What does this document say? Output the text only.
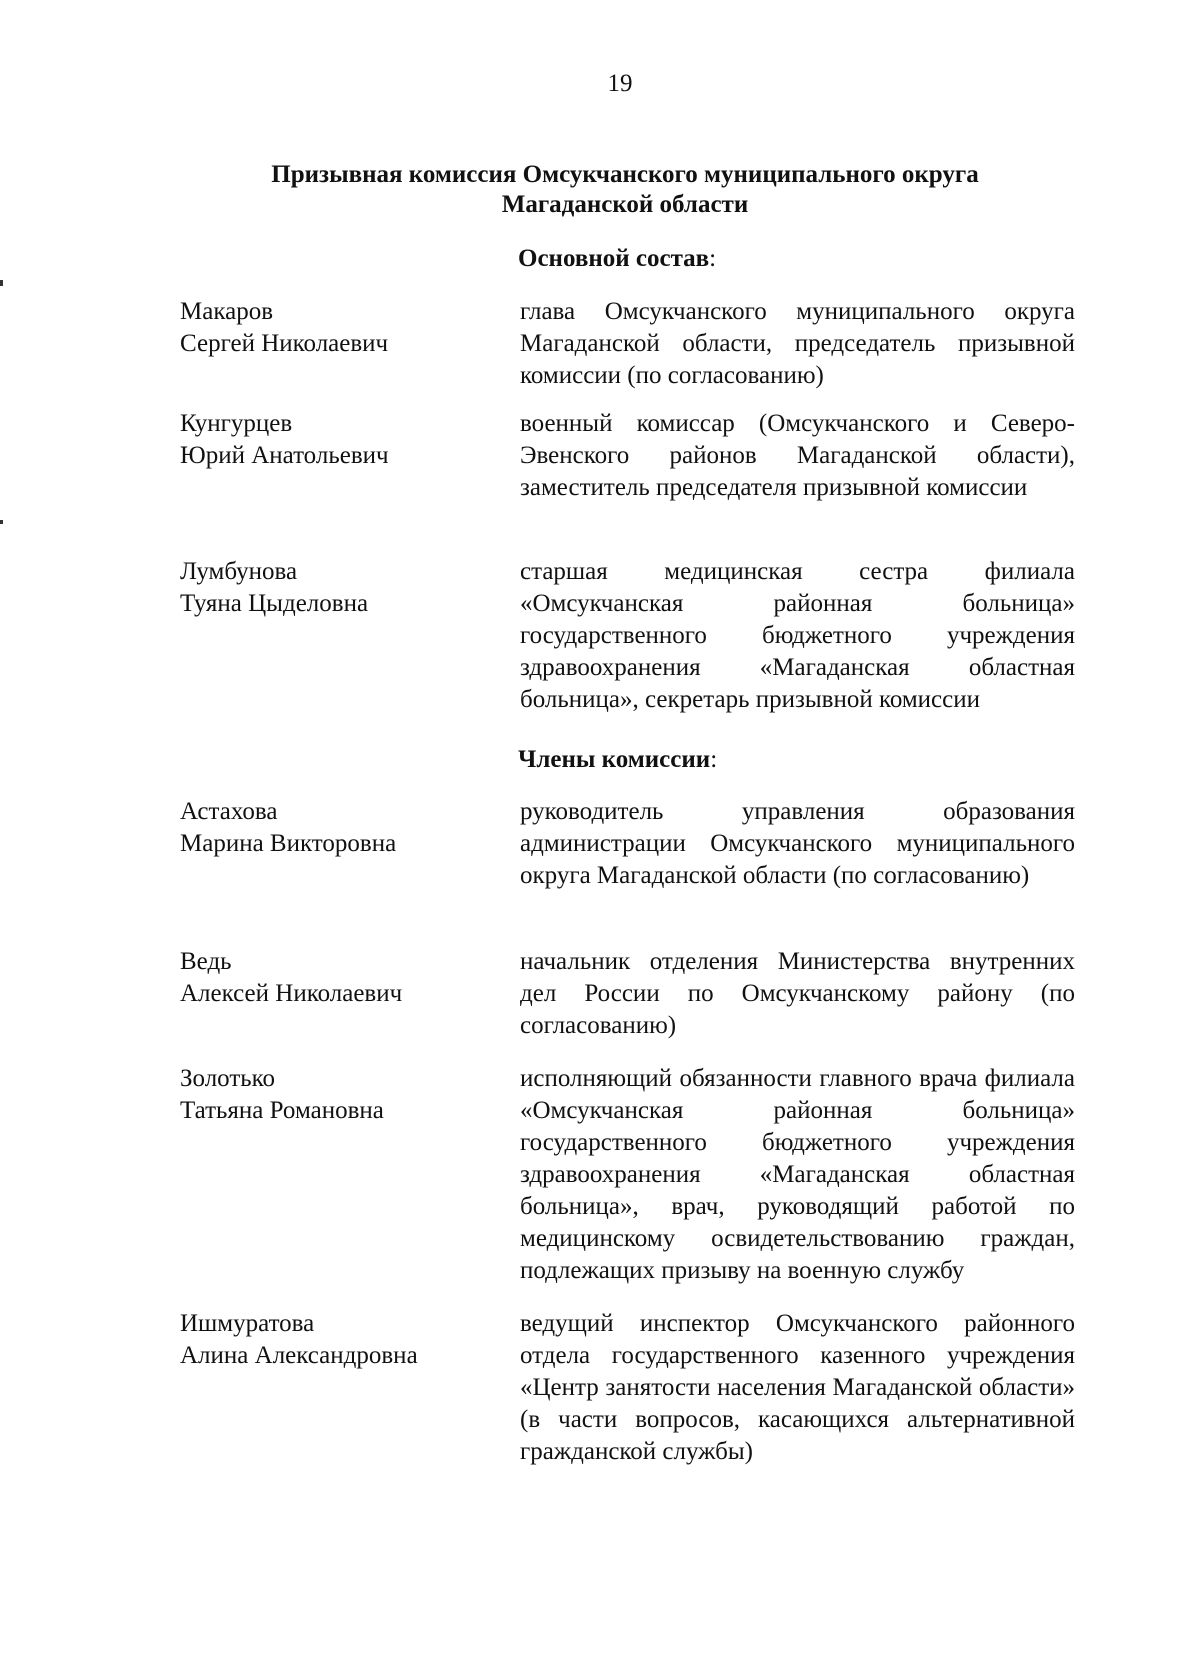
19
Призывная комиссия Омсукчанского муниципального округа
Магаданской области
Основной состав:
Макаров
Сергей Николаевич
глава Омсукчанского муниципального округа Магаданской области, председатель призывной комиссии (по согласованию)
Кунгурцев
Юрий Анатольевич
военный комиссар (Омсукчанского и Северо-Эвенского районов Магаданской области), заместитель председателя призывной комиссии
Лумбунова
Туяна Цыделовна
старшая медицинская сестра филиала «Омсукчанская районная больница» государственного бюджетного учреждения здравоохранения «Магаданская областная больница», секретарь призывной комиссии
Члены комиссии:
Астахова
Марина Викторовна
руководитель управления образования администрации Омсукчанского муниципального округа Магаданской области (по согласованию)
Ведь
Алексей Николаевич
начальник отделения Министерства внутренних дел России по Омсукчанскому району (по согласованию)
Золотько
Татьяна Романовна
исполняющий обязанности главного врача филиала «Омсукчанская районная больница» государственного бюджетного учреждения здравоохранения «Магаданская областная больница», врач, руководящий работой по медицинскому освидетельствованию граждан, подлежащих призыву на военную службу
Ишмуратова
Алина Александровна
ведущий инспектор Омсукчанского районного отдела государственного казенного учреждения «Центр занятости населения Магаданской области» (в части вопросов, касающихся альтернативной гражданской службы)
